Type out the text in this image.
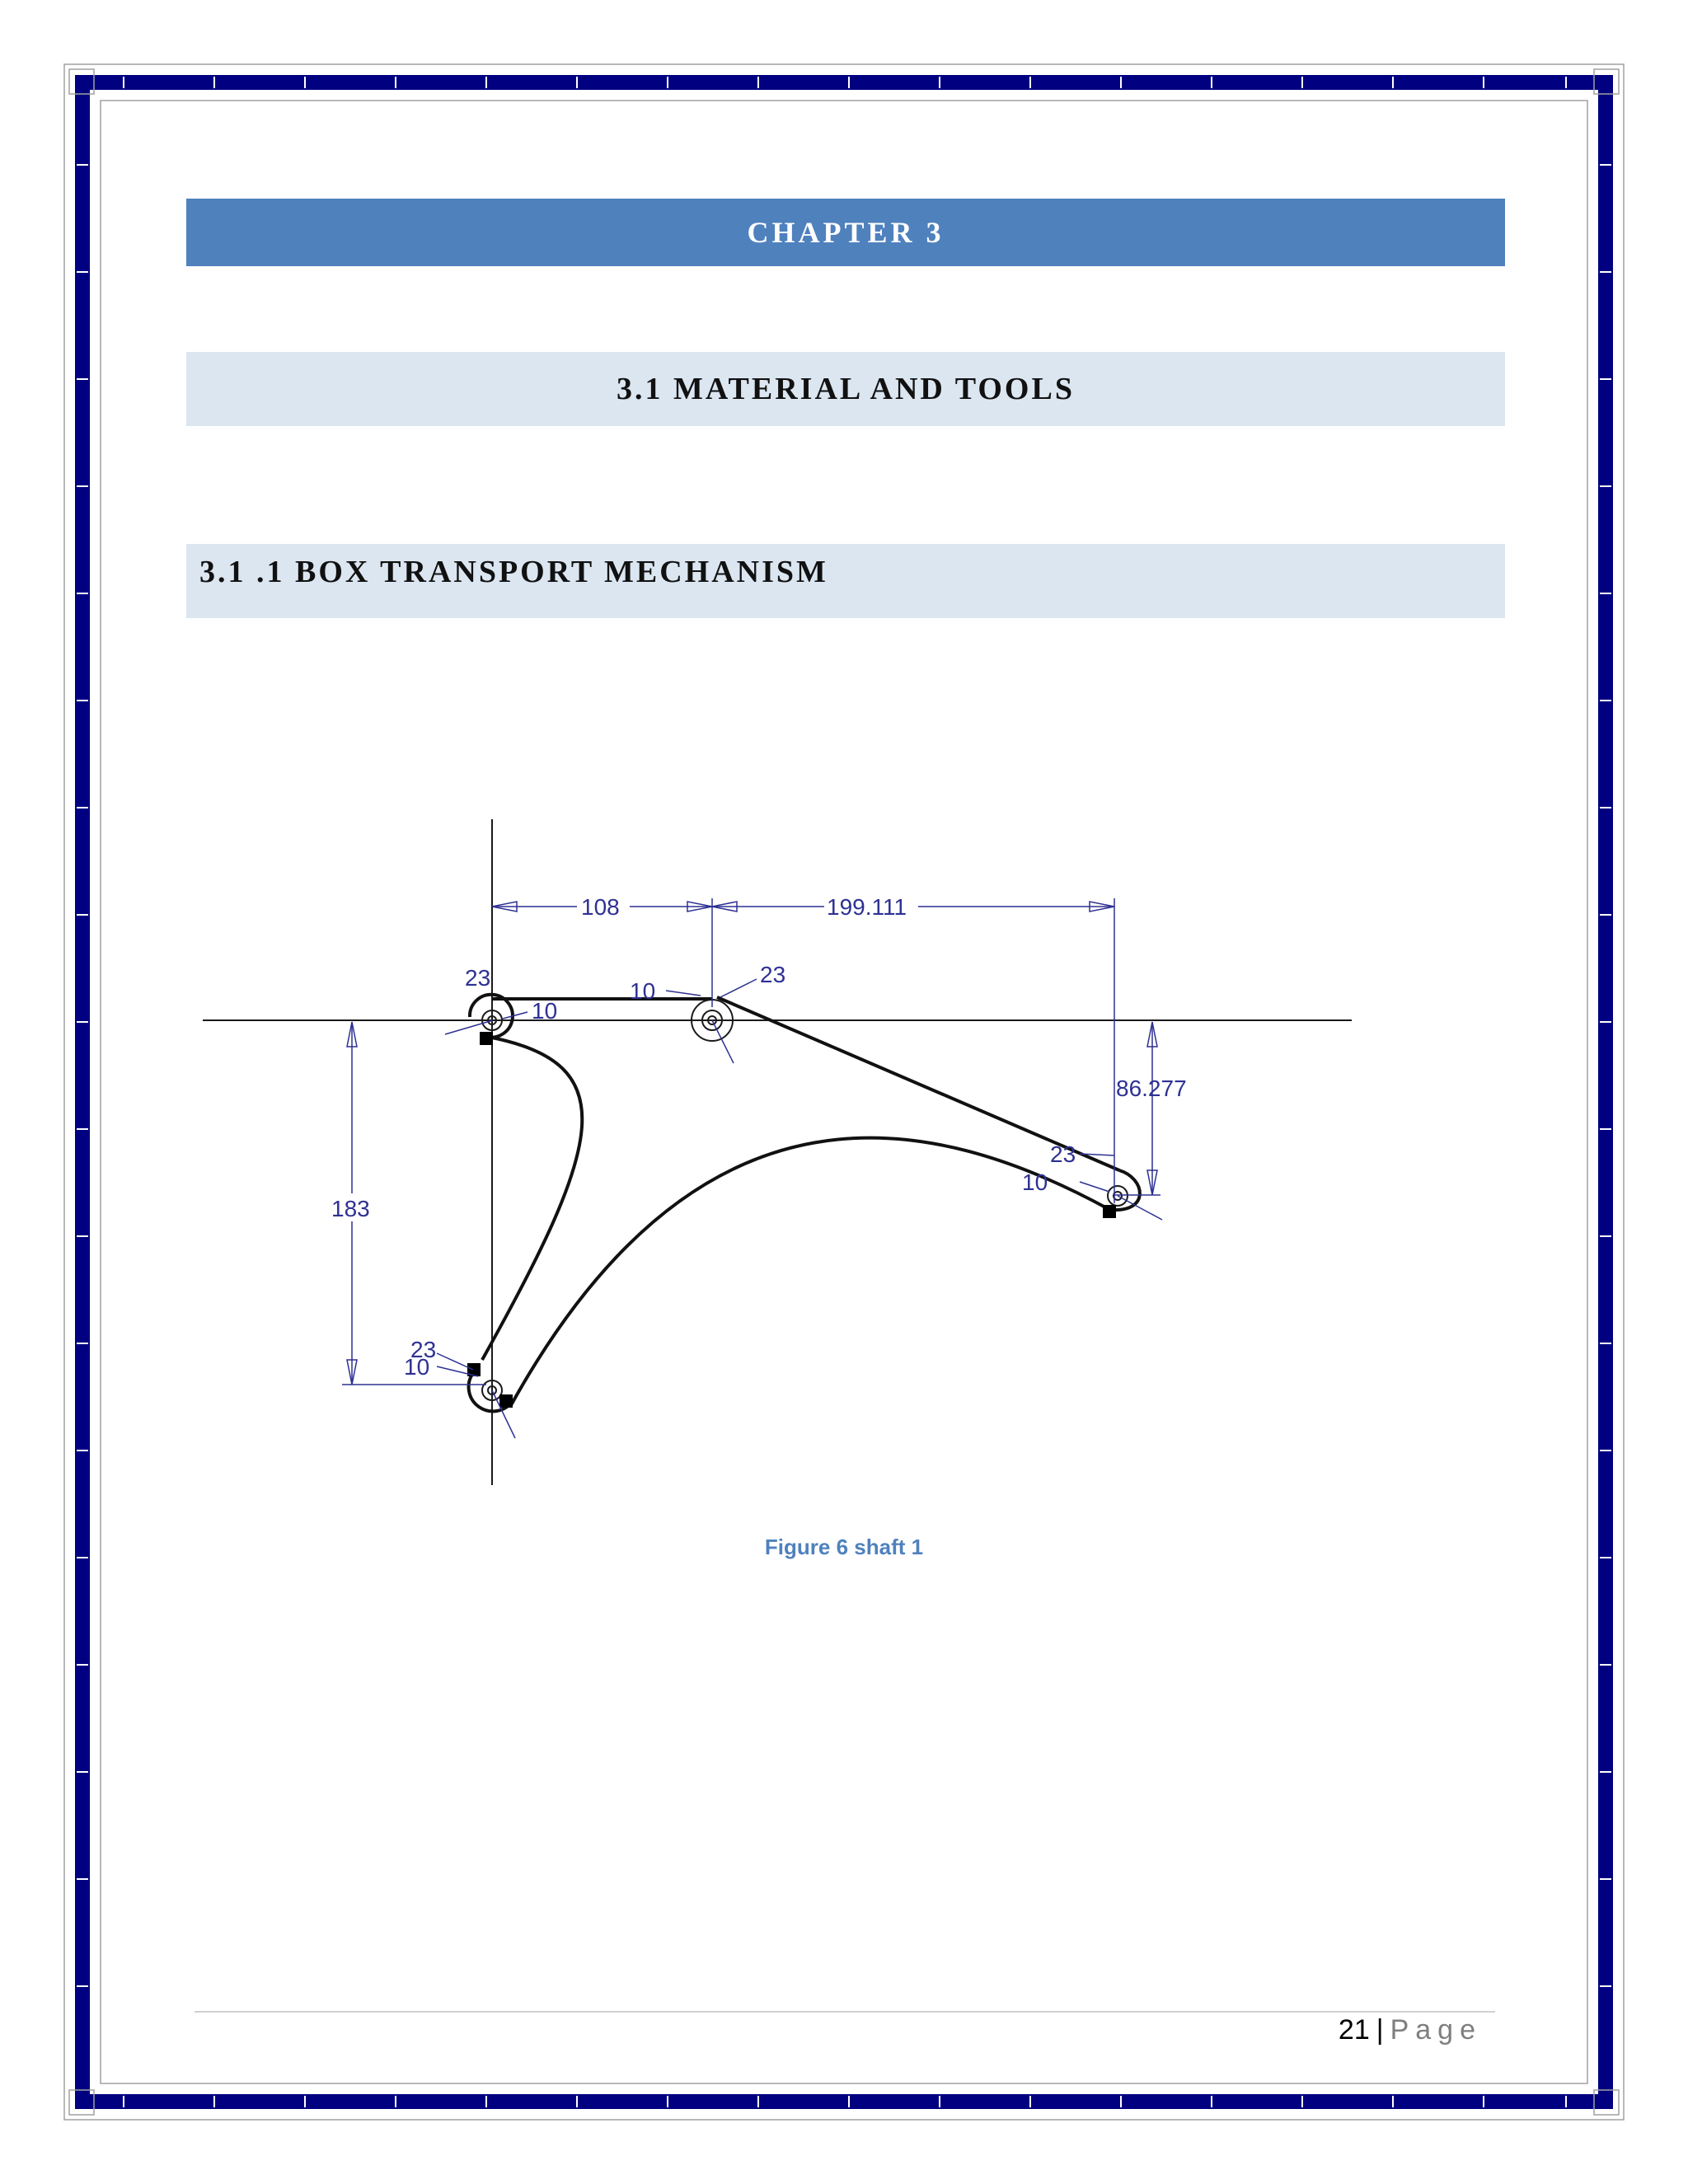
CHAPTER 3
3.1 MATERIAL AND TOOLS
3.1 .1 BOX TRANSPORT MECHANISM
108	199.111
86.277
183
23
10
10
23
23
10
23
10
Figure 6 shaft 1
21 | Page
